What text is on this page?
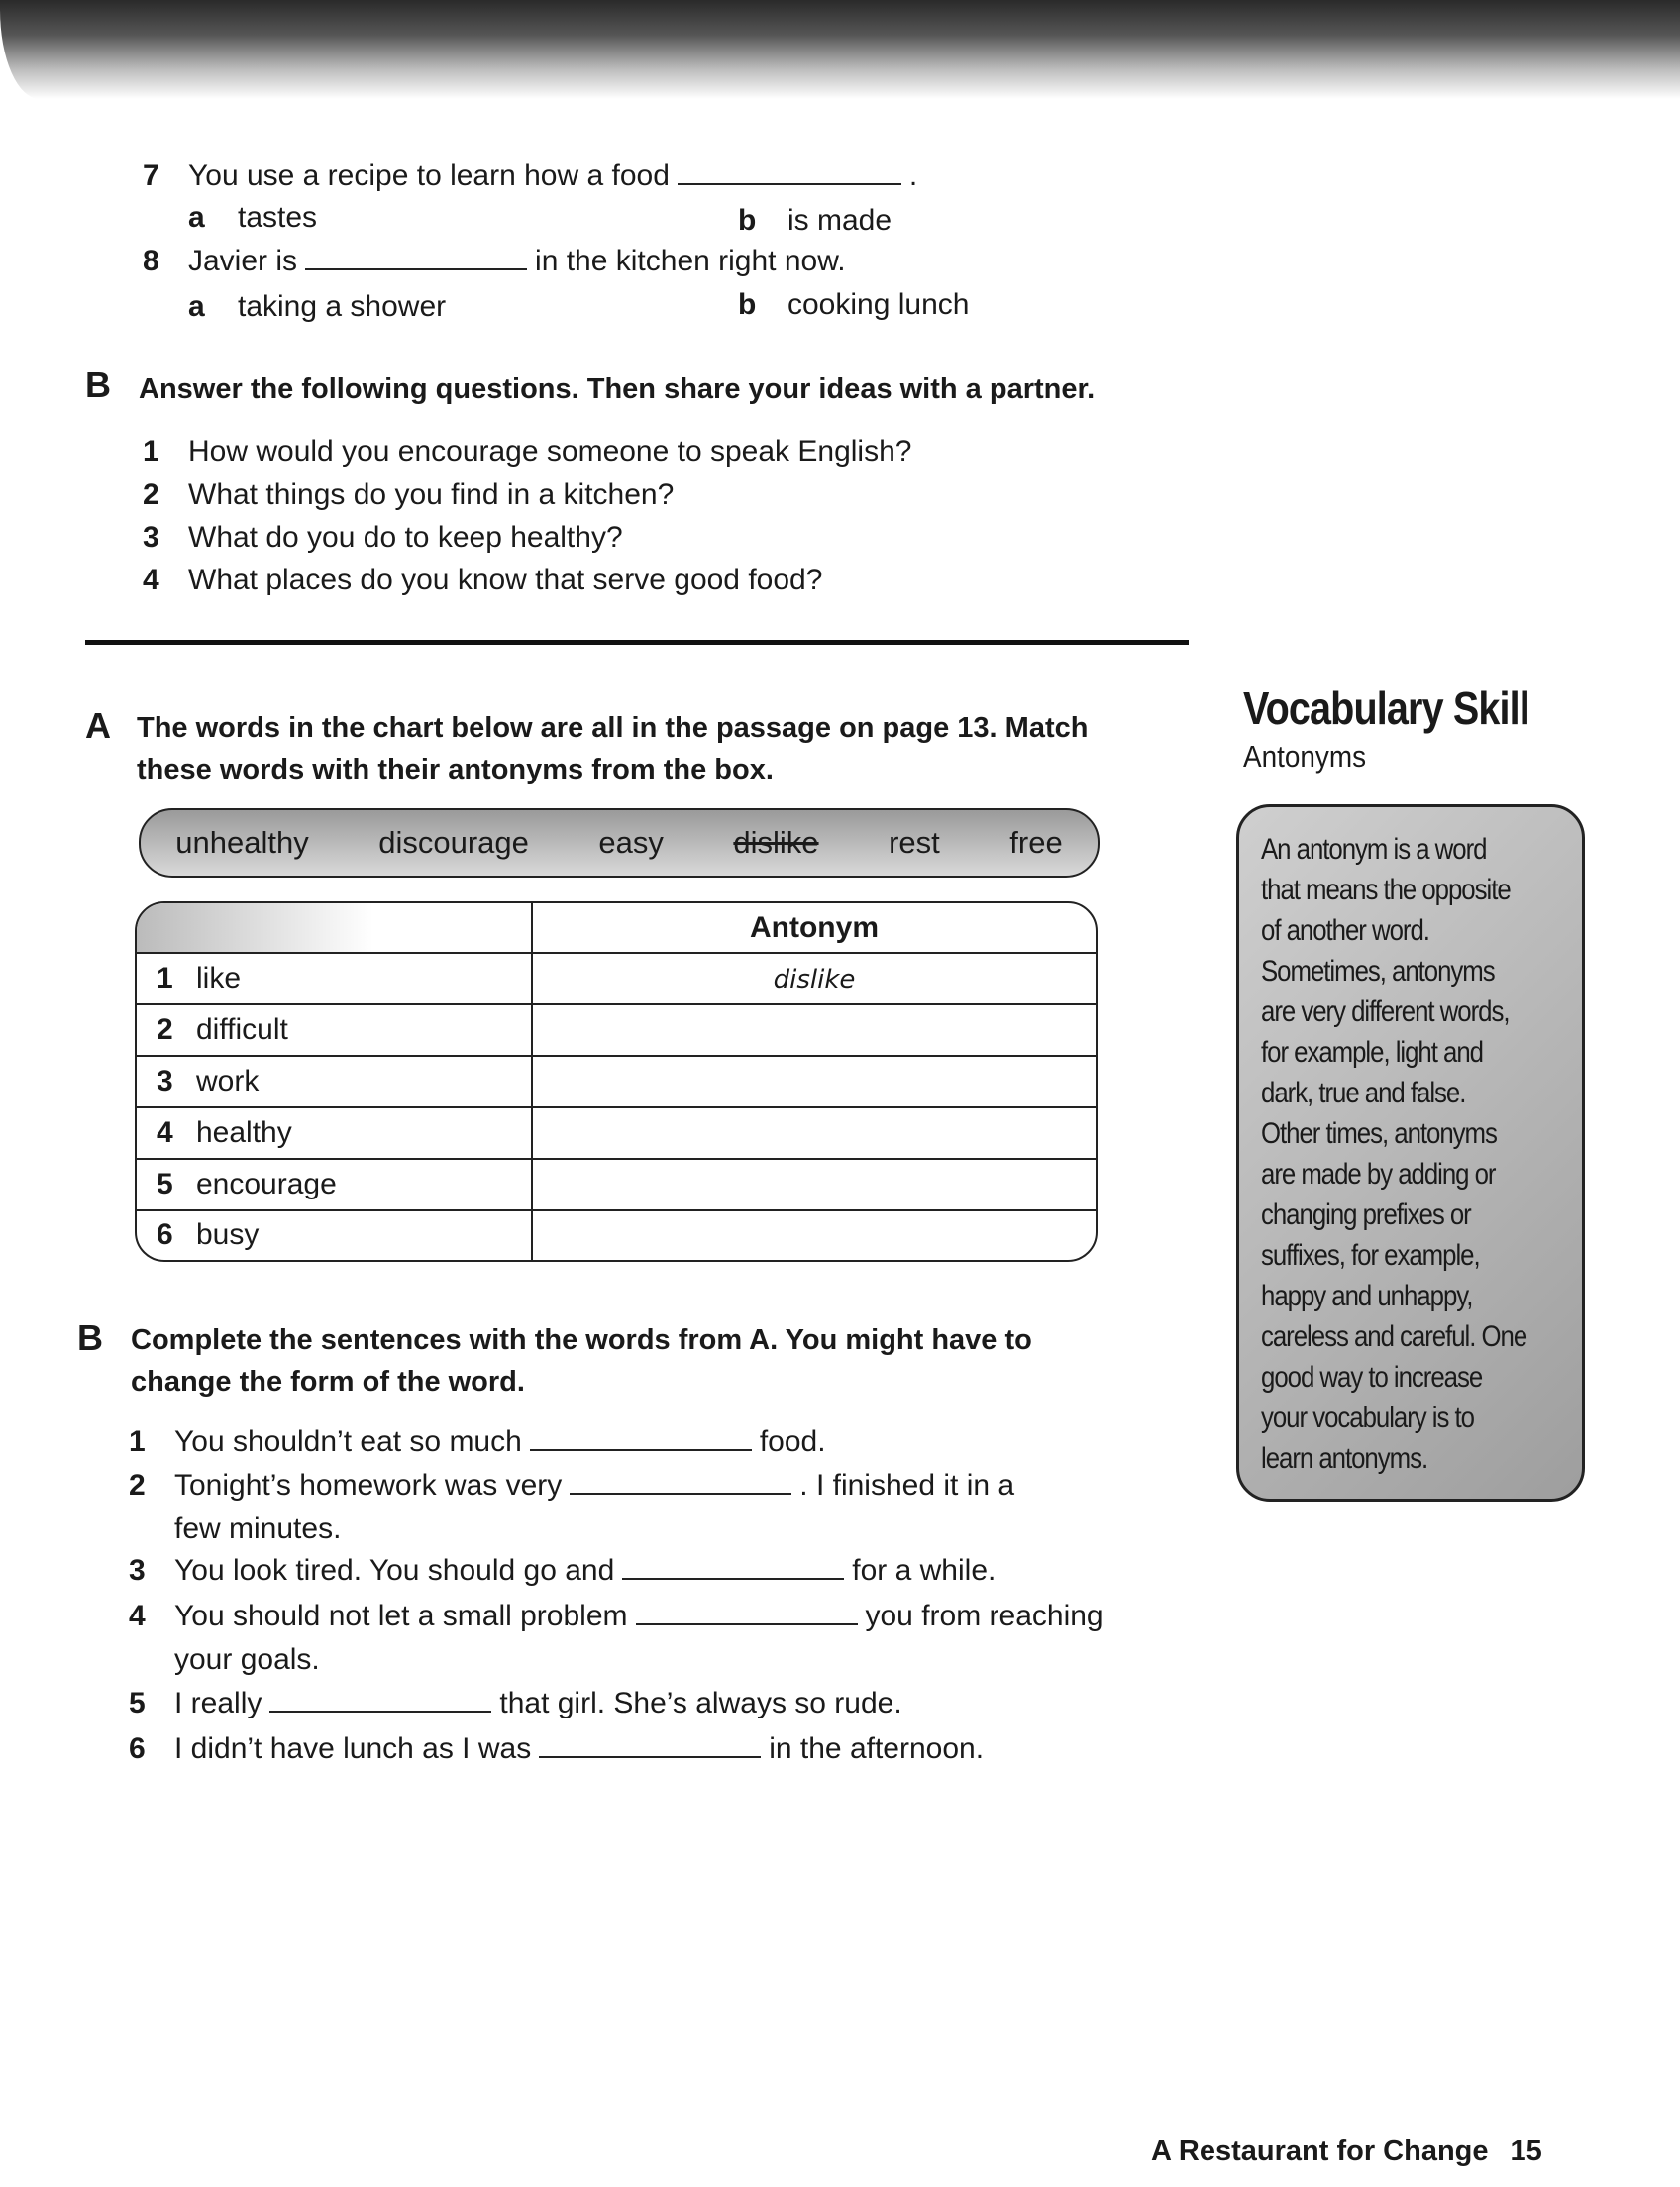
7 You use a recipe to learn how a food	.
a tastes	b is made
8 Javier is	in the kitchen right now.
a taking a shower	b cooking lunch
B Answer the following questions. Then share your ideas with a partner.
1 How would you encourage someone to speak English?
2 What things do you find in a kitchen?
3 What do you do to keep healthy?
4 What places do you know that serve good food?
A The words in the chart below are all in the passage on page 13. Match
these words with their antonyms from the box.
unhealthy discourage easy dislike rest free
	Antonym
1 like	dislike
2 difficult	
3 work	
4 healthy	
5 encourage	
6 busy	
B Complete the sentences with the words from A. You might have to
change the form of the word.
1 You shouldn’t eat so much	food.
2 Tonight’s homework was very	. I finished it in a
few minutes.
3 You look tired. You should go and	for a while.
4 You should not let a small problem	you from reaching
your goals.
5 I really	that girl. She’s always so rude.
6 I didn’t have lunch as I was	in the afternoon.
Vocabulary Skill
Antonyms

An antonym is a word

that means the opposite

of another word.

Sometimes, antonyms

are very different words,

for example, light and

dark, true and false.

Other times, antonyms

are made by adding or

changing prefixes or

suffixes, for example,

happy and unhappy,

careless and careful. One

good way to increase

your vocabulary is to

learn antonyms.

A Restaurant for Change 15
